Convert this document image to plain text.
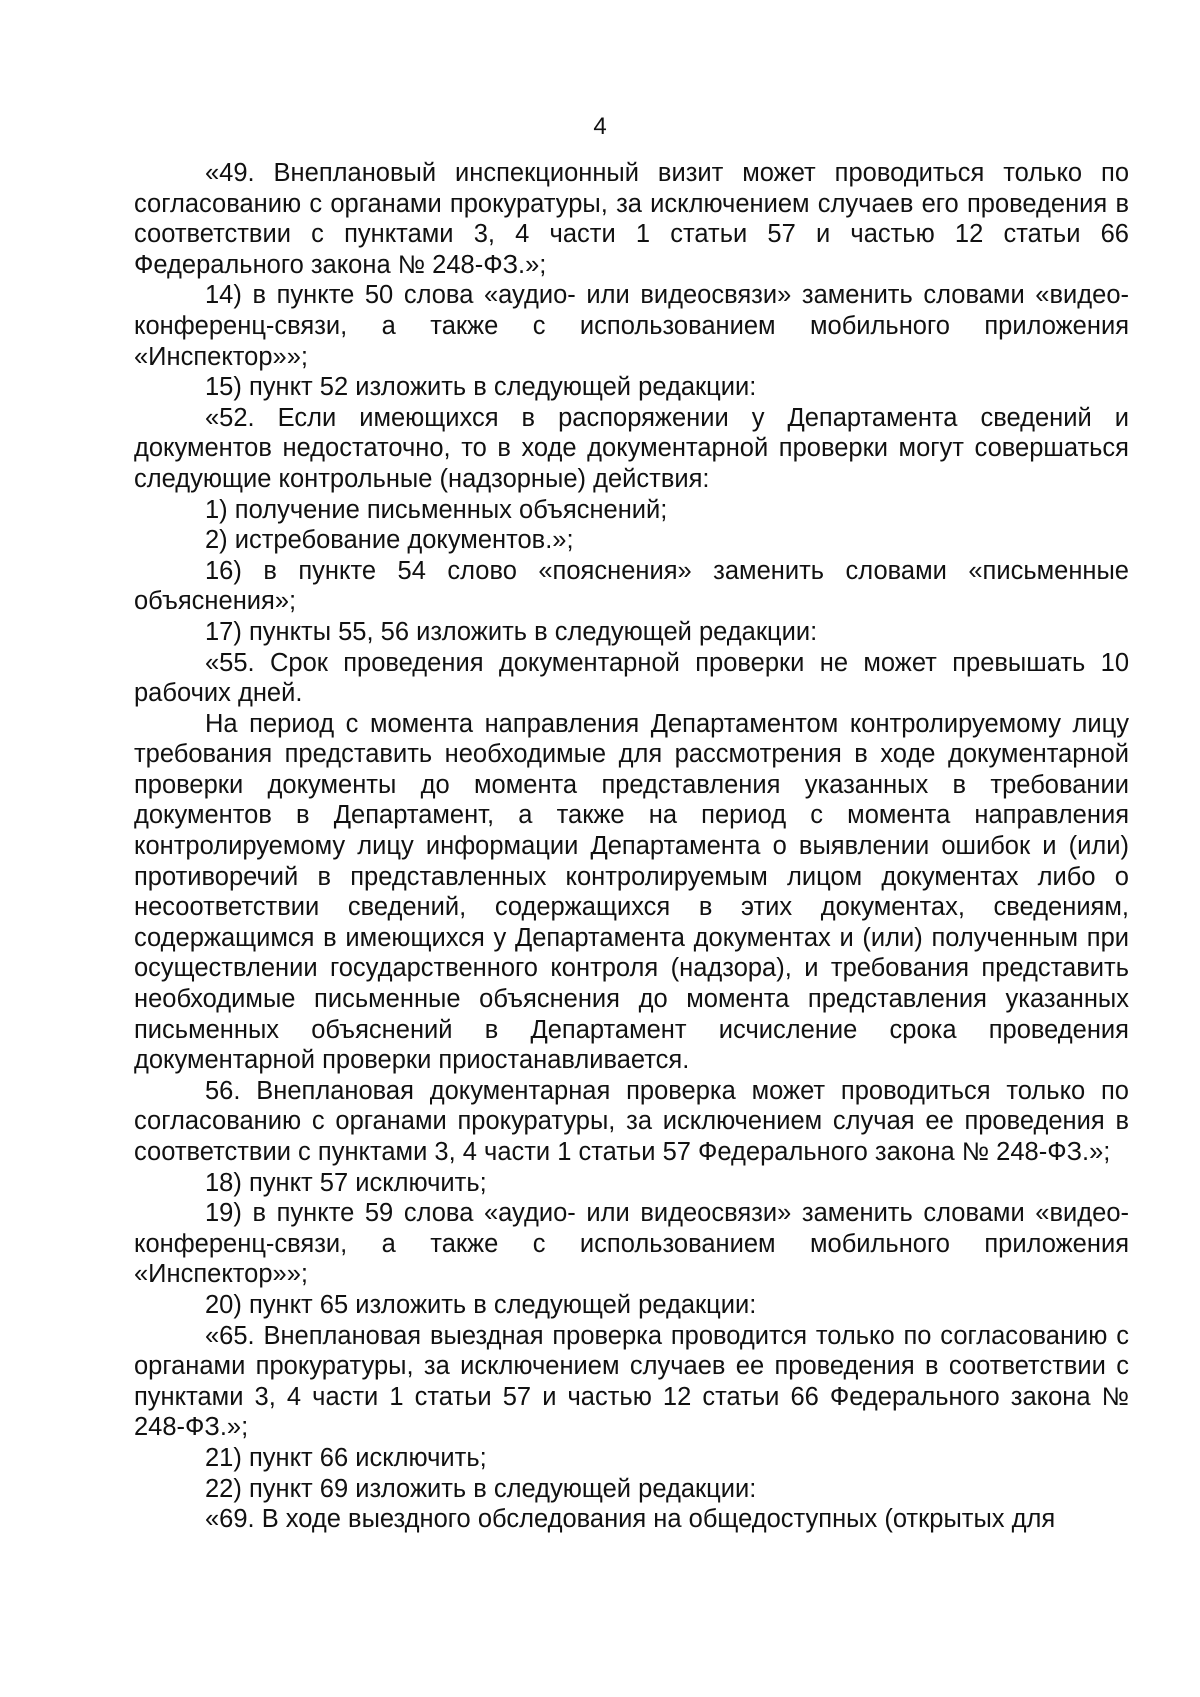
4

«49. Внеплановый инспекционный визит может проводиться только по согласованию с органами прокуратуры, за исключением случаев его проведения в соответствии с пунктами 3, 4 части 1 статьи 57 и частью 12 статьи 66 Федерального закона № 248-ФЗ.»;

14) в пункте 50 слова «аудио- или видеосвязи» заменить словами «видео-конференц-связи, а также с использованием мобильного приложения «Инспектор»»;

15) пункт 52 изложить в следующей редакции:

«52. Если имеющихся в распоряжении у Департамента сведений и документов недостаточно, то в ходе документарной проверки могут совершаться следующие контрольные (надзорные) действия:

1) получение письменных объяснений;

2) истребование документов.»;

16) в пункте 54 слово «пояснения» заменить словами «письменные объяснения»;

17) пункты 55, 56 изложить в следующей редакции:

«55. Срок проведения документарной проверки не может превышать 10 рабочих дней.

На период с момента направления Департаментом контролируемому лицу требования представить необходимые для рассмотрения в ходе документарной проверки документы до момента представления указанных в требовании документов в Департамент, а также на период с момента направления контролируемому лицу информации Департамента о выявлении ошибок и (или) противоречий в представленных контролируемым лицом документах либо о несоответствии сведений, содержащихся в этих документах, сведениям, содержащимся в имеющихся у Департамента документах и (или) полученным при осуществлении государственного контроля (надзора), и требования представить необходимые письменные объяснения до момента представления указанных письменных объяснений в Департамент исчисление срока проведения документарной проверки приостанавливается.

56. Внеплановая документарная проверка может проводиться только по согласованию с органами прокуратуры, за исключением случая ее проведения в соответствии с пунктами 3, 4 части 1 статьи 57 Федерального закона № 248-ФЗ.»;

18) пункт 57 исключить;

19) в пункте 59 слова «аудио- или видеосвязи» заменить словами «видео-конференц-связи, а также с использованием мобильного приложения «Инспектор»»;

20) пункт 65 изложить в следующей редакции:

«65. Внеплановая выездная проверка проводится только по согласованию с органами прокуратуры, за исключением случаев ее проведения в соответствии с пунктами 3, 4 части 1 статьи 57 и частью 12 статьи 66 Федерального закона № 248-ФЗ.»;

21) пункт 66 исключить;

22) пункт 69 изложить в следующей редакции:

«69. В ходе выездного обследования на общедоступных (открытых для
